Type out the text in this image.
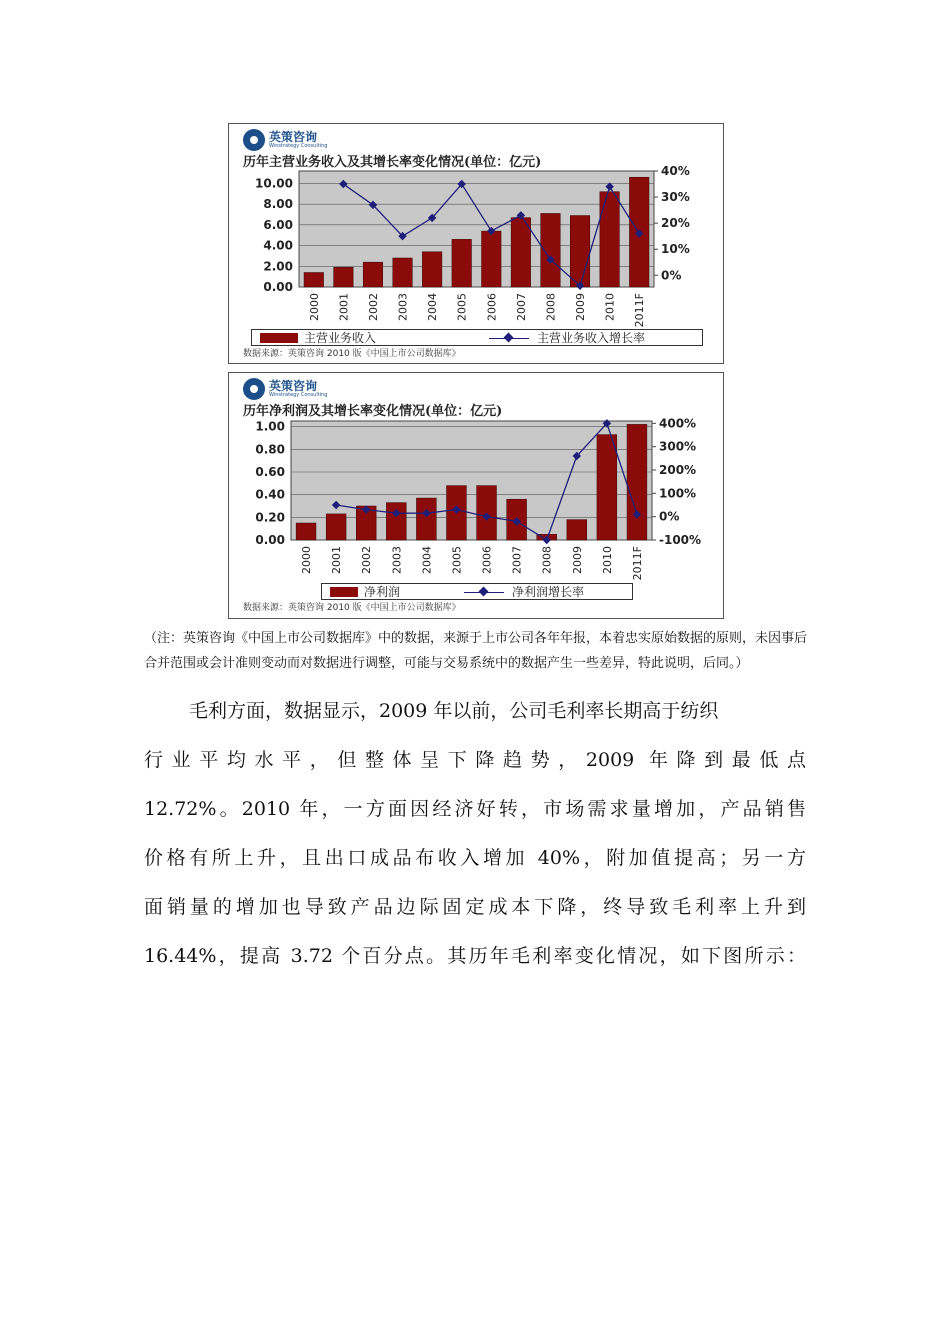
英策咨询
Winstrategy Consulting
历年主营业务收入及其增长率变化情况(单位：亿元)
0.00
2.00
4.00
6.00
8.00
10.00
0%
10%
20%
30%
40%
2000 2001 2002 2003 2004 2005 2006 2007 2008 2009 2010 2011F
主营业务收入	主营业务收入增长率
数据来源：英策咨询 2010 版《中国上市公司数据库》
英策咨询
Winstrategy Consulting
历年净利润及其增长率变化情况(单位：亿元)
0.00
0.20
0.40
0.60
0.80
1.00
-100%
0%
100%
200%
300%
400%
2000 2001 2002 2003 2004 2005 2006 2007 2008 2009 2010 2011F
净利润	净利润增长率
数据来源：英策咨询 2010 版《中国上市公司数据库》
（注：英策咨询《中国上市公司数据库》中的数据，来源于上市公司各年年报，本着忠实原始数据的原则，未因事后合并范围或会计准则变动而对数据进行调整，可能与交易系统中的数据产生一些差异，特此说明，后同。）
毛利方面，数据显示，2009 年以前，公司毛利率长期高于纺织
行业平均水平，但整体呈下降趋势，2009 年降到最低点
12.72%。2010 年，一方面因经济好转，市场需求量增加，产品销售
价格有所上升，且出口成品布收入增加 40%，附加值提高；另一方
面销量的增加也导致产品边际固定成本下降，终导致毛利率上升到
16.44%，提高 3.72 个百分点。其历年毛利率变化情况，如下图所示：
